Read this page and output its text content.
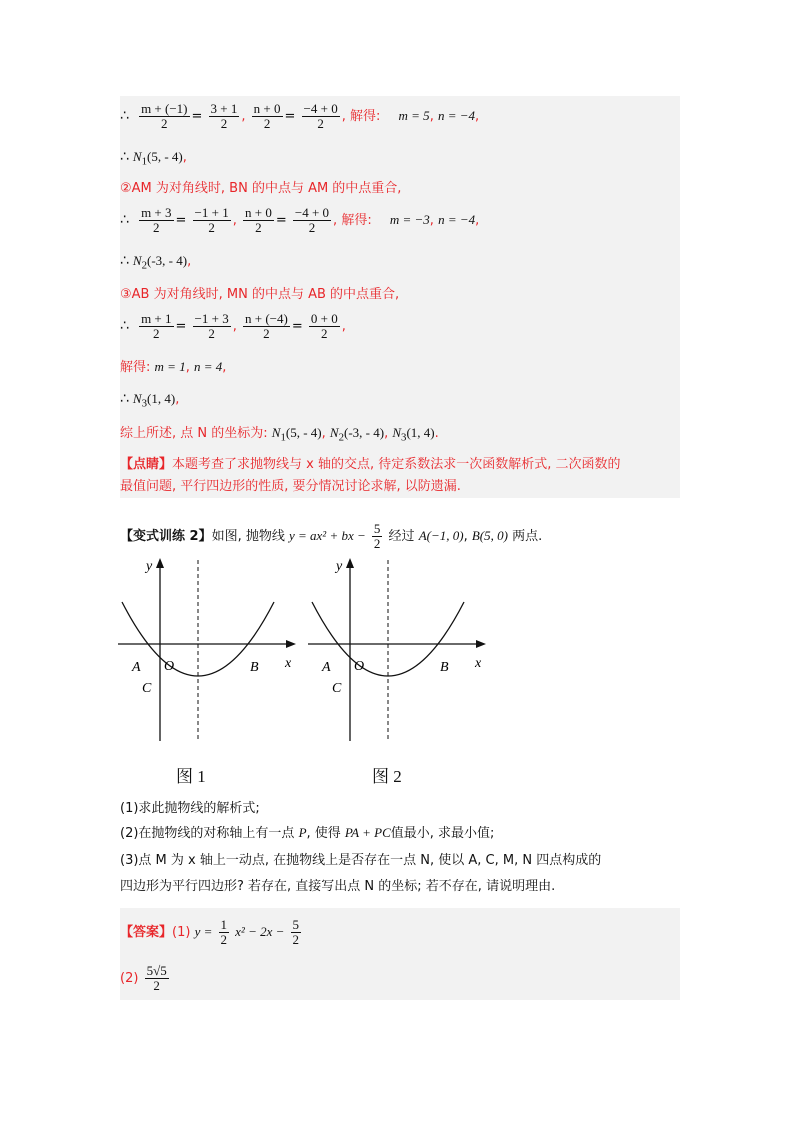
∴ $\frac{m + (-1)}{2} = \frac{3 + 1}{2}$ , $\frac{n + 0}{2} = \frac{-4 + 0}{2}$ , 解得: m = 5, n = −4,
∴ $N_1(5$, - 4),
②AM 为对角线时, BN 的中点与 AM 的中点重合,
∴ $\frac{m + 3}{2} = \frac{-1 + 1}{2}$ , $\frac{n + 0}{2} = \frac{-4 + 0}{2}$ , 解得: m = −3, n = −4,
∴ $N_2(-3$, - 4),
③AB 为对角线时, MN 的中点与 AB 的中点重合,
∴ $\frac{m + 1}{2} = \frac{-1 + 3}{2}$ , $\frac{n + (-4)}{2} = \frac{0 + 0}{2}$ ,
解得: m = 1, n = 4,
∴ $N_3(1$, 4),
综上所述, 点 N 的坐标为: $N_1(5$, - 4), $N_2(-3$, - 4), $N_3(1$, 4).
【点睛】本题考查了求抛物线与 x 轴的交点, 待定系数法求一次函数解析式, 二次函数的
最值问题, 平行四边形的性质, 要分情况讨论求解, 以防遗漏.
【变式训练 2】如图, 抛物线 y = ax² + bx − $\frac{5}{2}$ 经过 A(−1, 0), B(5, 0) 两点.
y
x
A O	B
C
图 1
y
x
A O	B
C
图 2
(1)求此抛物线的解析式;
(2)在抛物线的对称轴上有一点 P, 使得 PA + PC值最小, 求最小值;
(3)点 M 为 x 轴上一动点, 在抛物线上是否存在一点 N, 使以 A, C, M, N 四点构成的
四边形为平行四边形? 若存在, 直接写出点 N 的坐标; 若不存在, 请说明理由.
【答案】(1) $y = \frac{1}{2} x^2 - 2x - \frac{5}{2}$
$(2) \frac{5√5}{2}$
